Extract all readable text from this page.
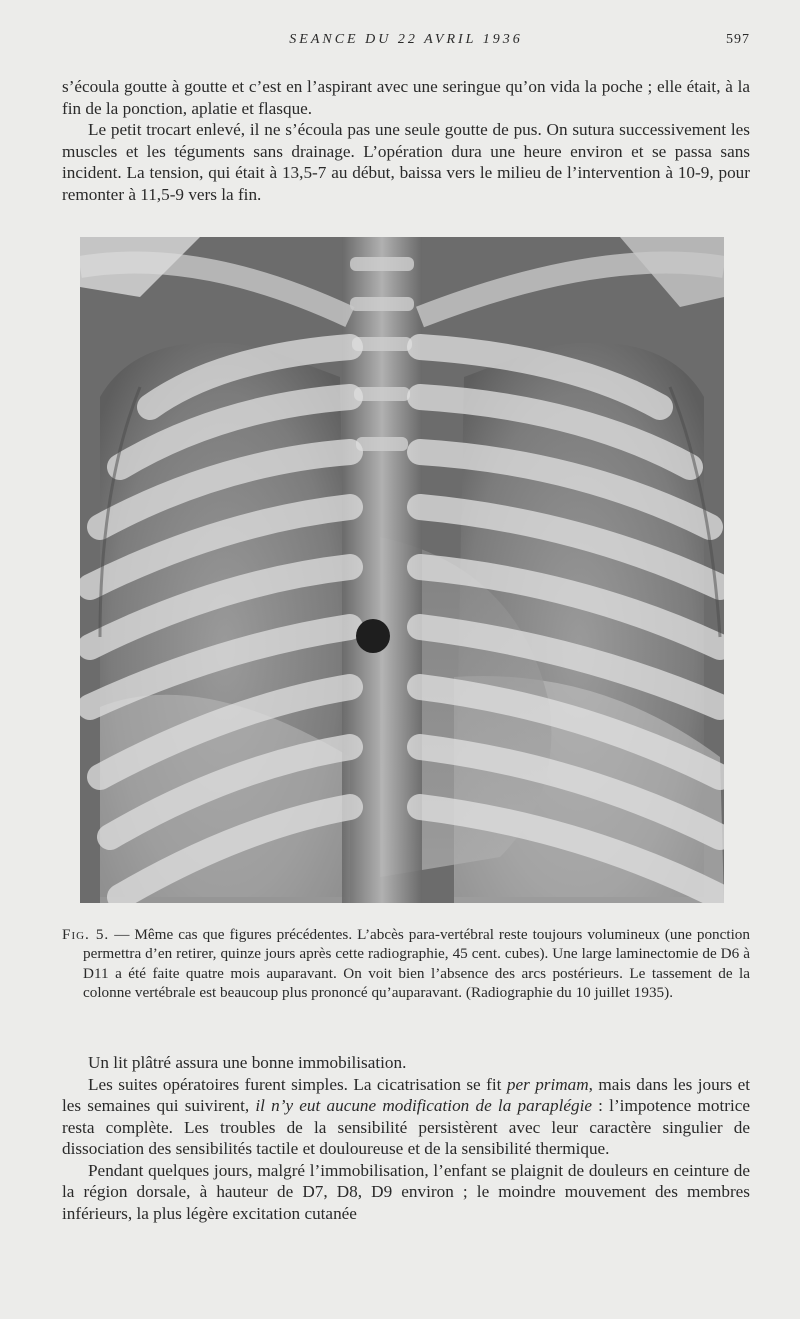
SEANCE DU 22 AVRIL 1936	597

s’écoula goutte à goutte et c’est en l’aspirant avec une seringue qu’on vida la poche ; elle était, à la fin de la ponction, aplatie et flasque.

Le petit trocart enlevé, il ne s’écoula pas une seule goutte de pus. On sutura successivement les muscles et les téguments sans drainage. L’opération dura une heure environ et se passa sans incident. La tension, qui était à 13,5-7 au début, baissa vers le milieu de l’intervention à 10-9, pour remonter à 11,5-9 vers la fin.

Fig. 5. — Même cas que figures précédentes. L’abcès para-vertébral reste toujours volumineux (une ponction permettra d’en retirer, quinze jours après cette radiographie, 45 cent. cubes). Une large laminectomie de D6 à D11 a été faite quatre mois auparavant. On voit bien l’absence des arcs postérieurs. Le tassement de la colonne vertébrale est beaucoup plus prononcé qu’auparavant. (Radiographie du 10 juillet 1935).

Un lit plâtré assura une bonne immobilisation.

Les suites opératoires furent simples. La cicatrisation se fit per primam, mais dans les jours et les semaines qui suivirent, il n’y eut aucune modification de la paraplégie : l’impotence motrice resta complète. Les troubles de la sensibilité persistèrent avec leur caractère singulier de dissociation des sensibilités tactile et douloureuse et de la sensibilité thermique.

Pendant quelques jours, malgré l’immobilisation, l’enfant se plaignit de douleurs en ceinture de la région dorsale, à hauteur de D7, D8, D9 environ ; le moindre mouvement des membres inférieurs, la plus légère excitation cutanée
